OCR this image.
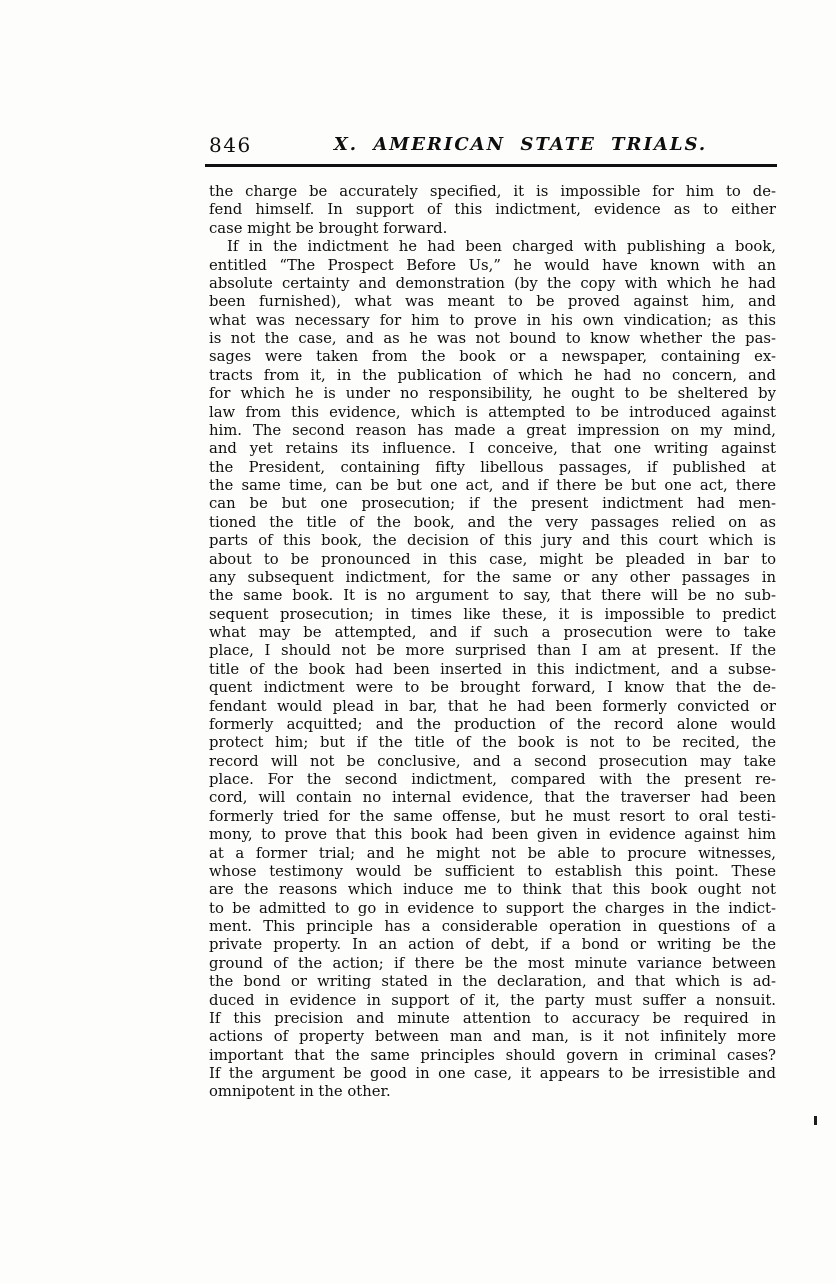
846	X. AMERICAN STATE TRIALS.
the charge be accurately specified, it is impossible for him to de-
fend himself. In support of this indictment, evidence as to either
case might be brought forward.
If in the indictment he had been charged with publishing a book,
entitled “The Prospect Before Us,” he would have known with an
absolute certainty and demonstration (by the copy with which he had
been furnished), what was meant to be proved against him, and
what was necessary for him to prove in his own vindication; as this
is not the case, and as he was not bound to know whether the pas-
sages were taken from the book or a newspaper, containing ex-
tracts from it, in the publication of which he had no concern, and
for which he is under no responsibility, he ought to be sheltered by
law from this evidence, which is attempted to be introduced against
him. The second reason has made a great impression on my mind,
and yet retains its influence. I conceive, that one writing against
the President, containing fifty libellous passages, if published at
the same time, can be but one act, and if there be but one act, there
can be but one prosecution; if the present indictment had men-
tioned the title of the book, and the very passages relied on as
parts of this book, the decision of this jury and this court which is
about to be pronounced in this case, might be pleaded in bar to
any subsequent indictment, for the same or any other passages in
the same book. It is no argument to say, that there will be no sub-
sequent prosecution; in times like these, it is impossible to predict
what may be attempted, and if such a prosecution were to take
place, I should not be more surprised than I am at present. If the
title of the book had been inserted in this indictment, and a subse-
quent indictment were to be brought forward, I know that the de-
fendant would plead in bar, that he had been formerly convicted or
formerly acquitted; and the production of the record alone would
protect him; but if the title of the book is not to be recited, the
record will not be conclusive, and a second prosecution may take
place. For the second indictment, compared with the present re-
cord, will contain no internal evidence, that the traverser had been
formerly tried for the same offense, but he must resort to oral testi-
mony, to prove that this book had been given in evidence against him
at a former trial; and he might not be able to procure witnesses,
whose testimony would be sufficient to establish this point. These
are the reasons which induce me to think that this book ought not
to be admitted to go in evidence to support the charges in the indict-
ment. This principle has a considerable operation in questions of a
private property. In an action of debt, if a bond or writing be the
ground of the action; if there be the most minute variance between
the bond or writing stated in the declaration, and that which is ad-
duced in evidence in support of it, the party must suffer a nonsuit.
If this precision and minute attention to accuracy be required in
actions of property between man and man, is it not infinitely more
important that the same principles should govern in criminal cases?
If the argument be good in one case, it appears to be irresistible and
omnipotent in the other.
